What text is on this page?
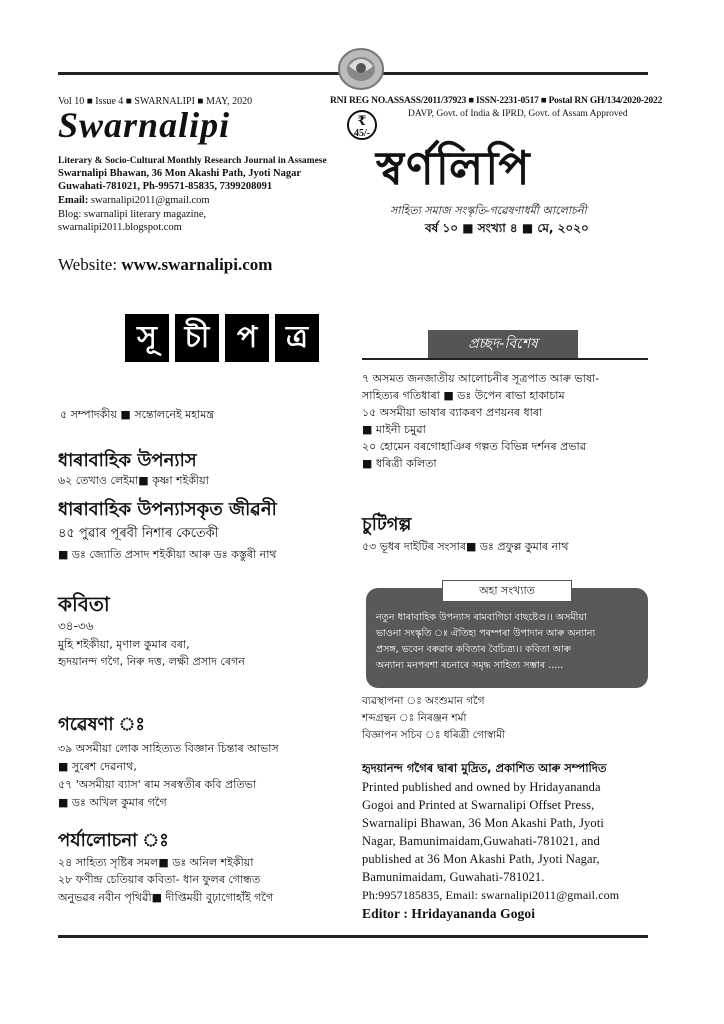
Vol 10 ■ Issue 4 ■ SWARNALIPI ■ MAY, 2020	RNI REG NO.ASSASS/2011/37923 ■ ISSN-2231-0517 ■ Postal RN GH/134/2020-2022
DAVP, Govt. of India & IPRD, Govt. of Assam Approved
Swarnalipi	₹
45/-
Literary & Socio-Cultural Monthly Research Journal in Assamese
Swarnalipi Bhawan, 36 Mon Akashi Path, Jyoti Nagar
Guwahati-781021, Ph-99571-85835, 7399208091
Email: swarnalipi2011@gmail.com
Blog: swarnalipi literary magazine,
swarnalipi2011.blogspot.com
স্বৰ্ণলিপি
সাহিত্য সমাজ সংস্কৃতি-গৱেষণাধৰ্মী আলোচনী
বৰ্ষ ১০ ■ সংখ্যা ৪ ■ মে, ২০২০
Website: www.swarnalipi.com
সূ চী প ত্ৰ
৫ সম্পাদকীয় ■ সন্তোলনেই মহামন্ত্ৰ
ধাৰাবাহিক উপন্যাস
৬২ তেখাও লেইমা■ কৃষ্ণা শইকীয়া
ধাৰাবাহিক উপন্যাসকৃত জীৱনী
৪৫ পুৱাৰ পূৰবী নিশাৰ কেতেকী
■ ডঃ জ্যোতি প্ৰসাদ শইকীয়া আৰু ডঃ কস্তুৰী নাথ
কবিতা
৩৪-৩৬
মুহি শইকীয়া, মৃণাল কুমাৰ বৰা,
হৃদয়ানন্দ গগৈ, নিৰু দত্ত, লক্ষী প্ৰসাদ ৰেগন
গৱেষণা ঃ
৩৯ অসমীয়া লোক সাহিত্যত বিজ্ঞান চিন্তাৰ আভাস
■ সুৰেশ দেৱনাথ,
৫৭ 'অসমীয়া ব্যাস' ৰাম সৰস্বতীৰ কবি প্ৰতিভা
■ ডঃ অখিল কুমাৰ গগৈ
পৰ্যালোচনা ঃ
২৪ সাহিত্য সৃষ্টিৰ সমল■ ডঃ অনিল শইকীয়া
২৮ ফণীন্দ্ৰ চেতিয়াৰ কবিতা- ধান ফুলৰ গোন্ধত
অনুভৱৰ নবীন পৃথিৱী■ দীপ্তিময়ী বুঢ়াগোহাঁই গগৈ
প্ৰচ্ছদ-বিশেষ
৭ অসমত জনজাতীয় আলোচনীৰ সূত্ৰপাত আৰু ভাষা-
সাহিত্যৰ গতিধাৰা ■ ডঃ উপেন ৰাভা হাকাচাম
১৫ অসমীয়া ভাষাৰ ব্যাকৰণ প্ৰণয়নৰ ধাৰা
■ মাইনী চমুৱা
২০ হোমেন বৰগোহাঞিৰ গল্পত বিভিন্ন দৰ্শনৰ প্ৰভাৱ
■ ধৰিত্ৰী কলিতা
চুটিগল্প
৫৩ ভূধৰ দাইটিৰ সংসাৰ■ ডঃ প্ৰফুল্ল কুমাৰ নাথ
নতুন ধাৰাবাহিক উপন্যাস ৰামবাগিচা বাছষ্টেণ্ড।। অসমীয়া
ভাওনা সংস্কৃতি ঃ ঐতিহ্য পৰম্পৰা উপাদান আৰু অন্যান্য
প্ৰসঙ্গ, ভবেন বৰুৱাৰ কবিতাৰ বৈচিত্ৰ্য।। কবিতা আৰু
অন্যান্য মনপৰশা ৰচনাৰে সমৃদ্ধ সাহিত্য সম্ভাৰ .....
অহা সংখ্যাত
ব্যৱস্থাপনা ঃ অংশুমান গগৈ
শব্দগ্ৰন্থন ঃ নিৰঞ্জন শৰ্মা
বিজ্ঞাপন সচিব ঃ ধৰিত্ৰী গোস্বামী
হৃদয়ানন্দ গগৈৰ দ্বাৰা মুদ্ৰিত, প্ৰকাশিত আৰু সম্পাদিত
Printed published and owned by Hridayananda
Gogoi and Printed at Swarnalipi Offset Press,
Swarnalipi Bhawan, 36 Mon Akashi Path, Jyoti
Nagar, Bamunimaidam,Guwahati-781021, and
published at 36 Mon Akashi Path, Jyoti Nagar,
Bamunimaidam, Guwahati-781021.
Ph:9957185835, Email: swarnalipi2011@gmail.com
Editor : Hridayananda Gogoi
